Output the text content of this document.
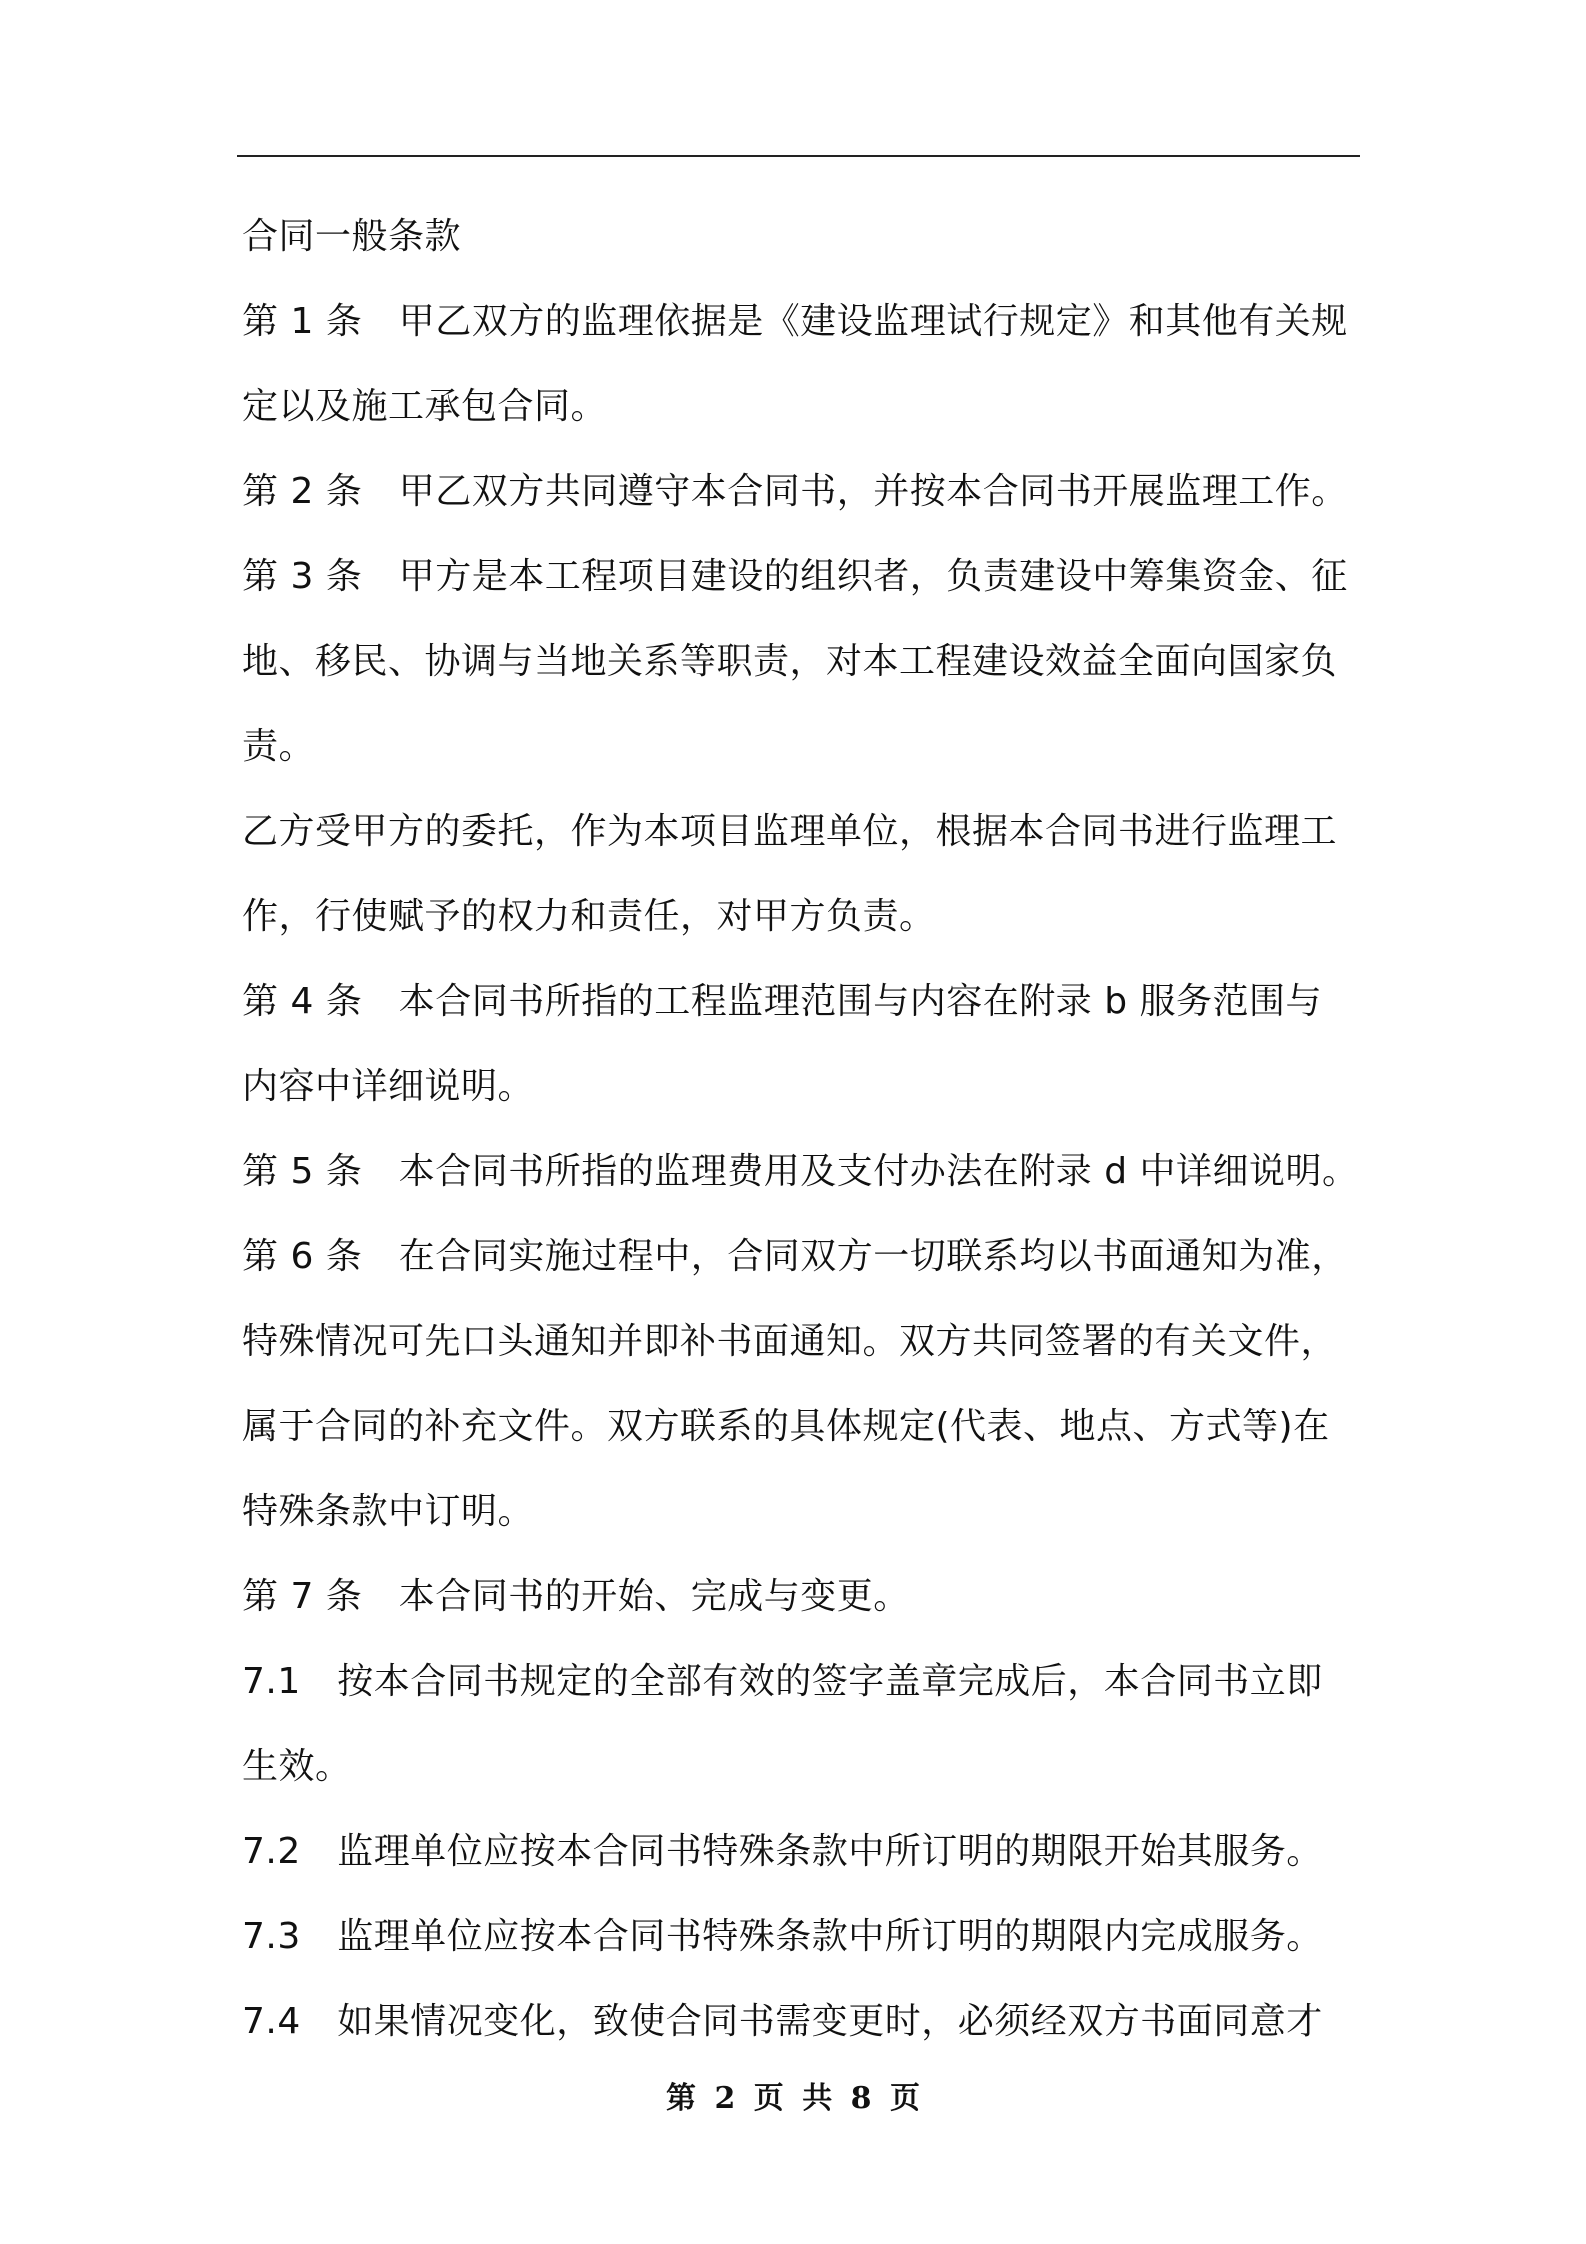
合同一般条款
第 1 条　甲乙双方的监理依据是《建设监理试行规定》和其他有关规
定以及施工承包合同。
第 2 条　甲乙双方共同遵守本合同书，并按本合同书开展监理工作。
第 3 条　甲方是本工程项目建设的组织者，负责建设中筹集资金、征
地、移民、协调与当地关系等职责，对本工程建设效益全面向国家负
责。
乙方受甲方的委托，作为本项目监理单位，根据本合同书进行监理工
作，行使赋予的权力和责任，对甲方负责。
第 4 条　本合同书所指的工程监理范围与内容在附录 b 服务范围与
内容中详细说明。
第 5 条　本合同书所指的监理费用及支付办法在附录 d 中详细说明。
第 6 条　在合同实施过程中，合同双方一切联系均以书面通知为准，
特殊情况可先口头通知并即补书面通知。双方共同签署的有关文件，
属于合同的补充文件。双方联系的具体规定(代表、地点、方式等)在
特殊条款中订明。
第 7 条　本合同书的开始、完成与变更。
7.1　按本合同书规定的全部有效的签字盖章完成后，本合同书立即
生效。
7.2　监理单位应按本合同书特殊条款中所订明的期限开始其服务。
7.3　监理单位应按本合同书特殊条款中所订明的期限内完成服务。
7.4　如果情况变化，致使合同书需变更时，必须经双方书面同意才
第 2 页 共 8 页
